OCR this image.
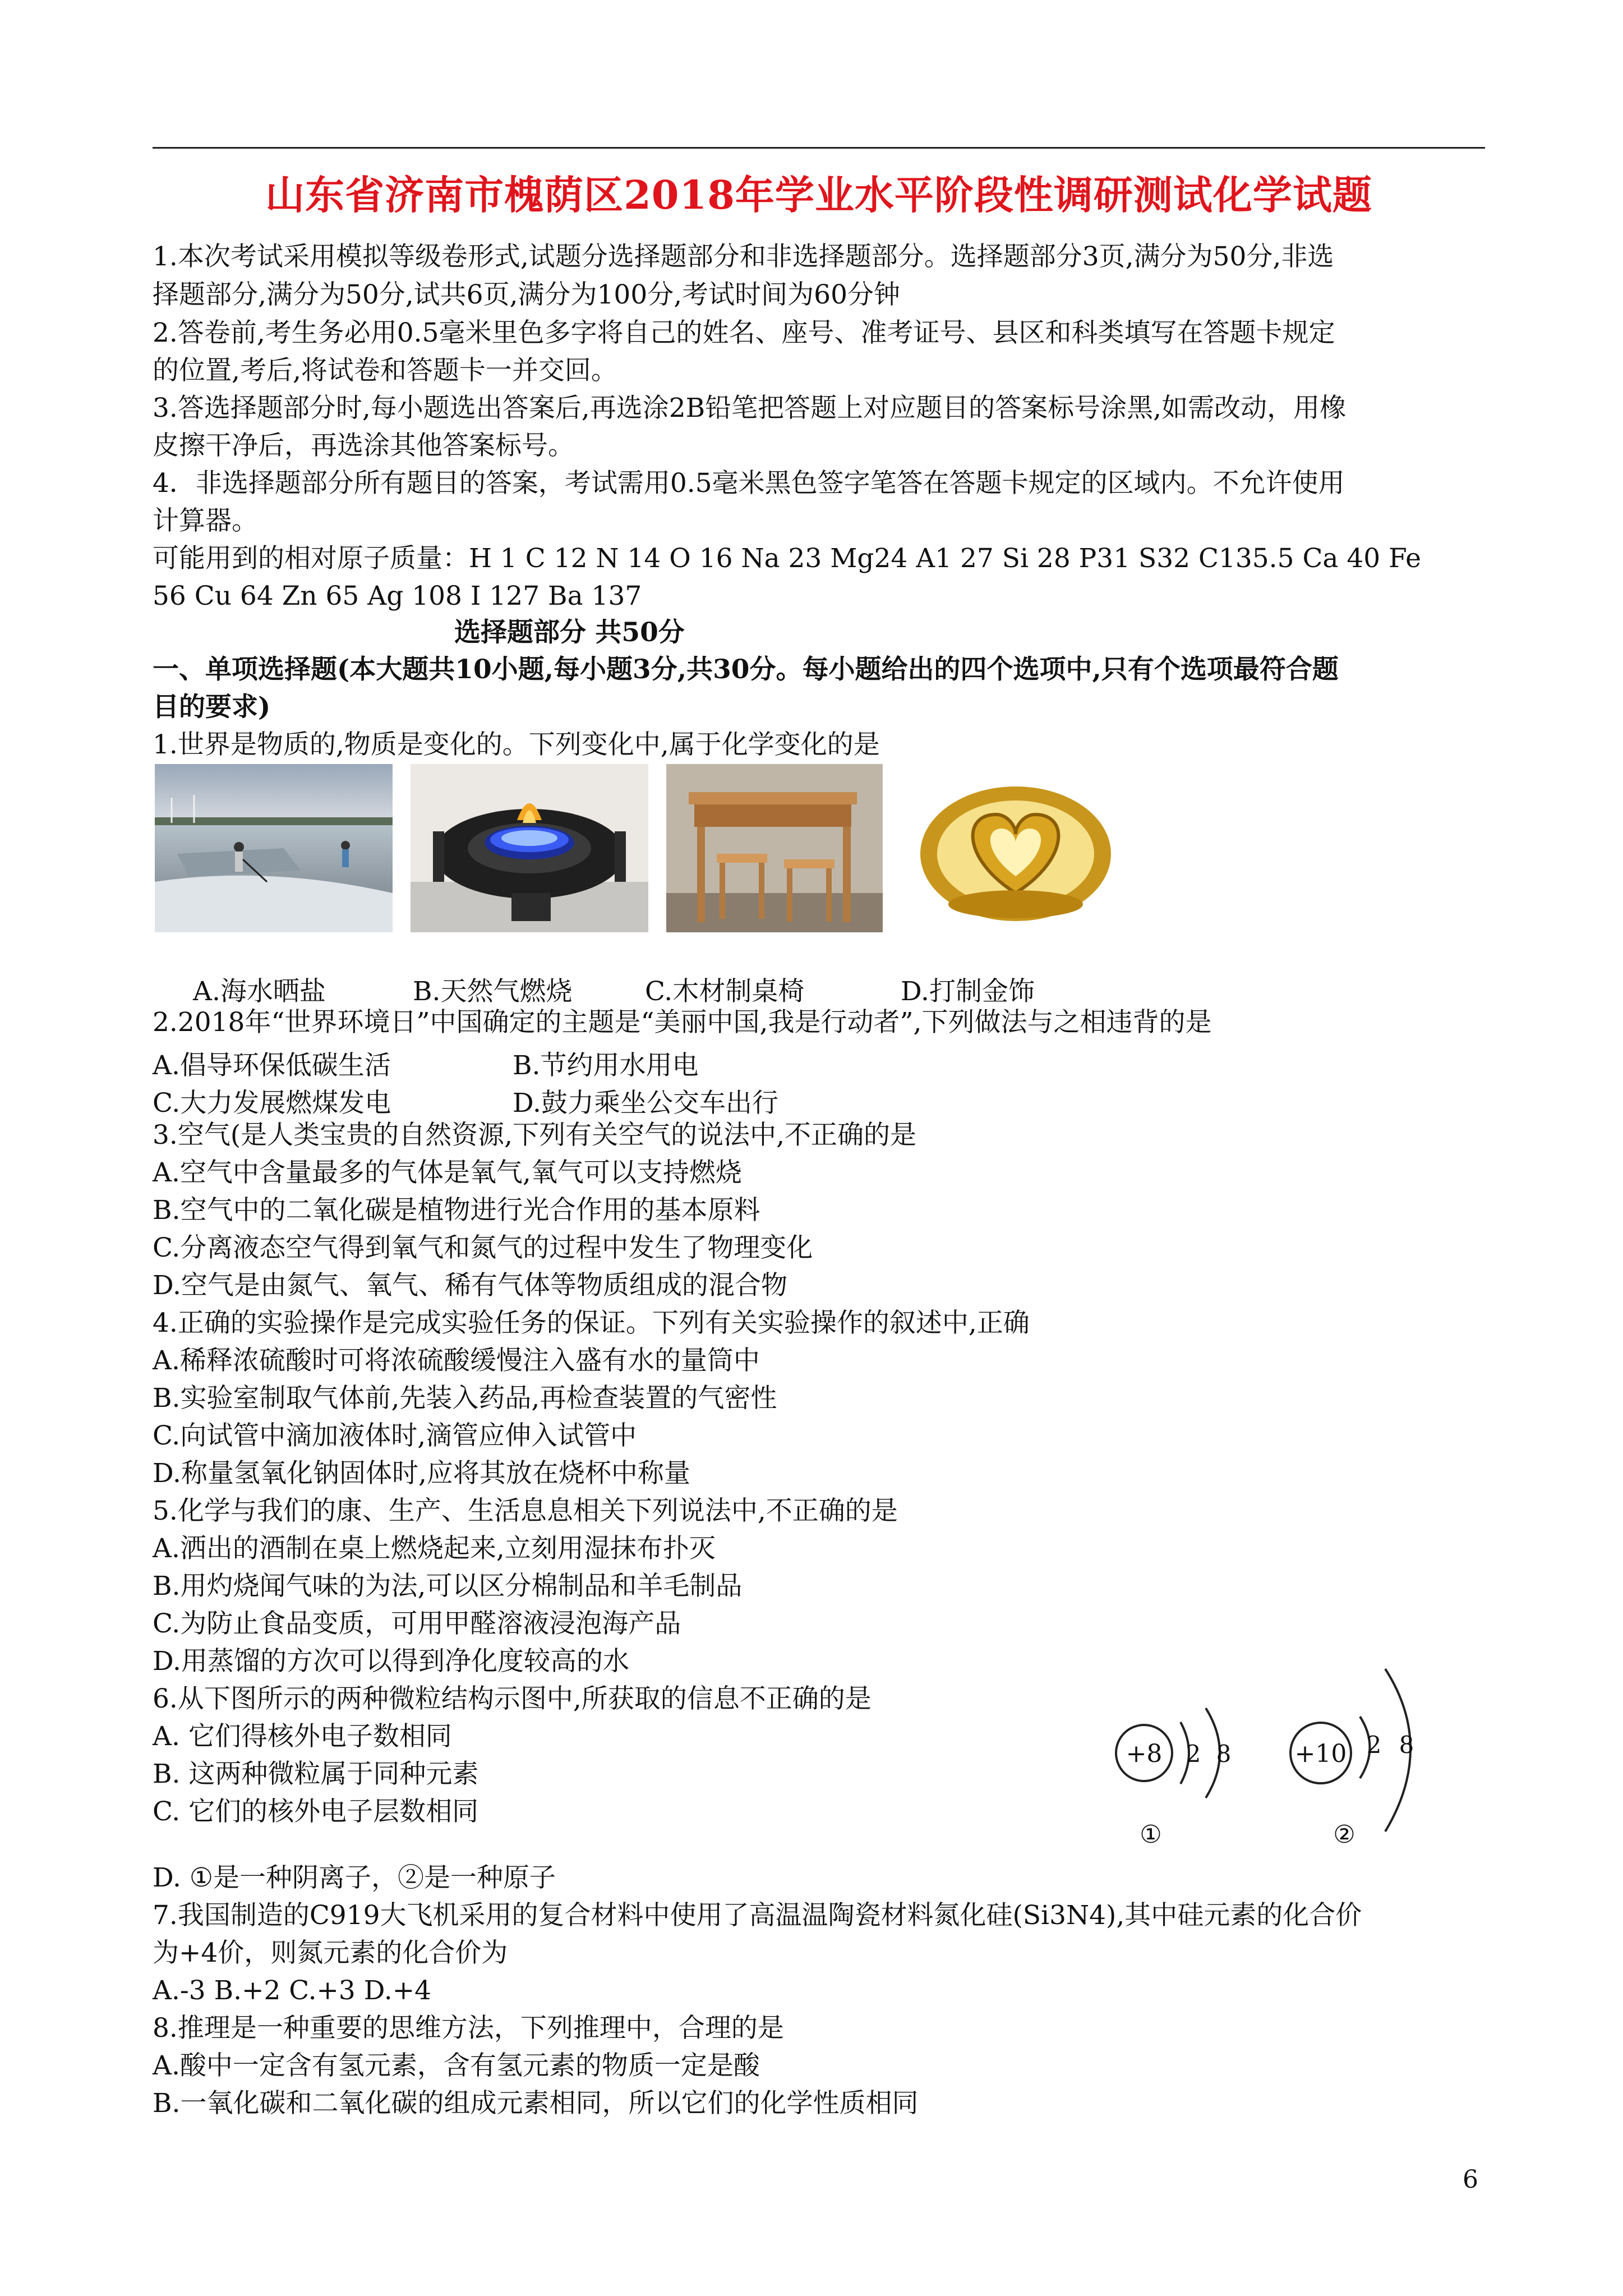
山东省济南市槐荫区2018年学业水平阶段性调研测试化学试题
1.本次考试采用模拟等级卷形式,试题分选择题部分和非选择题部分。选择题部分3页,满分为50分,非选
择题部分,满分为50分,试共6页,满分为100分,考试时间为60分钟
2.答卷前,考生务必用0.5毫米里色多字将自己的姓名、座号、准考证号、县区和科类填写在答题卡规定
的位置,考后,将试卷和答题卡一并交回。
3.答选择题部分时,每小题选出答案后,再选涂2B铅笔把答题上对应题目的答案标号涂黑,如需改动，用橡
皮擦干净后，再选涂其他答案标号。
4．非选择题部分所有题目的答案，考试需用0.5毫米黑色签字笔答在答题卡规定的区域内。不允许使用
计算器。
可能用到的相对原子质量：H 1 C 12 N 14 O 16 Na 23 Mg24 A1 27 Si 28 P31 S32 C135.5 Ca 40 Fe
56 Cu 64 Zn 65 Ag 108 I 127 Ba 137
选择题部分 共50分
一、单项选择题(本大题共10小题,每小题3分,共30分。每小题给出的四个选项中,只有个选项最符合题
目的要求)
1.世界是物质的,物质是变化的。下列变化中,属于化学变化的是
A.海水晒盐	B.天然气燃烧	C.木材制桌椅	D.打制金饰
2.2018年“世界环境日”中国确定的主题是“美丽中国,我是行动者”,下列做法与之相违背的是
A.倡导环保低碳生活	B.节约用水用电
C.大力发展燃煤发电	D.鼓力乘坐公交车出行
3.空气(是人类宝贵的自然资源,下列有关空气的说法中,不正确的是
A.空气中含量最多的气体是氧气,氧气可以支持燃烧
B.空气中的二氧化碳是植物进行光合作用的基本原料
C.分离液态空气得到氧气和氮气的过程中发生了物理变化
D.空气是由氮气、氧气、稀有气体等物质组成的混合物
4.正确的实验操作是完成实验任务的保证。下列有关实验操作的叙述中,正确
A.稀释浓硫酸时可将浓硫酸缓慢注入盛有水的量筒中
B.实验室制取气体前,先装入药品,再检查装置的气密性
C.向试管中滴加液体时,滴管应伸入试管中
D.称量氢氧化钠固体时,应将其放在烧杯中称量
5.化学与我们的康、生产、生活息息相关下列说法中,不正确的是
A.洒出的酒制在桌上燃烧起来,立刻用湿抹布扑灭
B.用灼烧闻气味的为法,可以区分棉制品和羊毛制品
C.为防止食品变质，可用甲醛溶液浸泡海产品
D.用蒸馏的方次可以得到净化度较高的水
6.从下图所示的两种微粒结构示图中,所获取的信息不正确的是
A. 它们得核外电子数相同
B. 这两种微粒属于同种元素
C. 它们的核外电子层数相同
D. ①是一种阴离子，②是一种原子
+8 2 8
①
+10 2 8
②
7.我国制造的C919大飞机采用的复合材料中使用了高温温陶瓷材料氮化硅(Si3N4),其中硅元素的化合价
为+4价，则氮元素的化合价为
A.-3 B.+2 C.+3 D.+4
8.推理是一种重要的思维方法，下列推理中，合理的是
A.酸中一定含有氢元素，含有氢元素的物质一定是酸
B.一氧化碳和二氧化碳的组成元素相同，所以它们的化学性质相同
6
